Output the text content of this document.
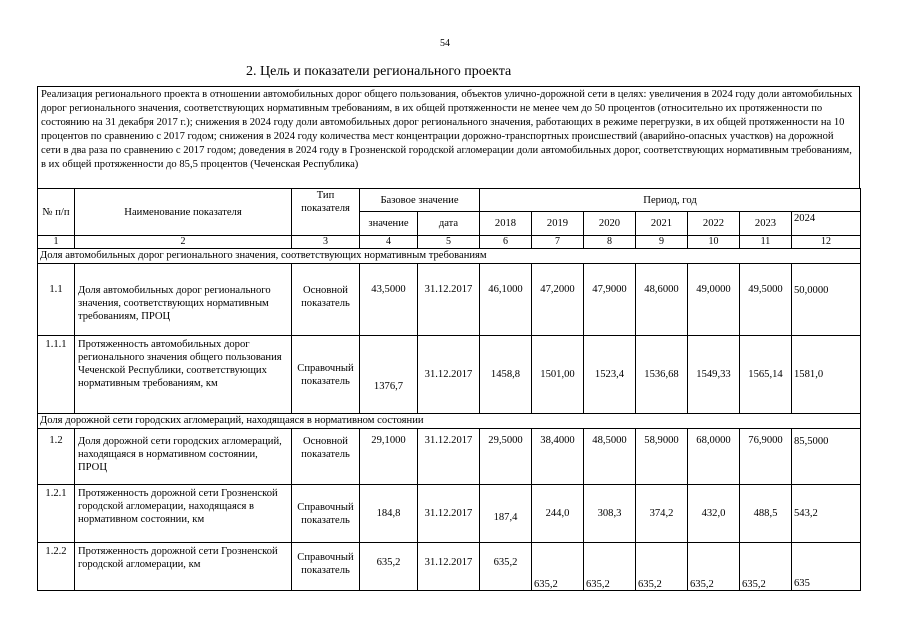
54
2. Цель и показатели регионального проекта
Реализация регионального проекта в отношении автомобильных дорог общего пользования, объектов улично-дорожной сети в целях: увеличения в 2024 году доли автомобильных дорог регионального значения, соответствующих нормативным требованиям, в их общей протяженности не менее чем до 50 процентов (относительно их протяженности по состоянию на 31 декабря 2017 г.); снижения в 2024 году доли автомобильных дорог регионального значения, работающих в режиме перегрузки, в их общей протяженности на 10 процентов по сравнению с 2017 годом; снижения в 2024 году количества мест концентрации дорожно-транспортных происшествий (аварийно-опасных участков) на дорожной сети в два раза по сравнению с 2017 годом; доведения в 2024 году в Грозненской городской агломерации доли автомобильных дорог, соответствующих нормативным требованиям, в их общей протяженности до 85,5 процентов (Чеченская Республика)
№ п/п	Наименование показателя	Тип показателя	Базовое значение		Период, год						
			значение	дата	2018	2019	2020	2021	2022	2023	2024
1	2	3	4	5	6	7	8	9	10	11	12
Доля автомобильных дорог регионального значения, соответствующих нормативным требованиям											
1.1	Доля автомобильных дорог регионального значения, соответствующих нормативным требованиям, ПРОЦ	Основной показатель	43,5000	31.12.2017	46,1000	47,2000	47,9000	48,6000	49,0000	49,5000	50,0000
1.1.1	Протяженность автомобильных дорог регионального значения общего пользования Чеченской Республики, соответствующих нормативным требованиям, км	Справочный показатель	1376,7	31.12.2017	1458,8	1501,00	1523,4	1536,68	1549,33	1565,14	1581,0
Доля дорожной сети городских агломераций, находящаяся в нормативном состоянии											
1.2	Доля дорожной сети городских агломераций, находящаяся в нормативном состоянии, ПРОЦ	Основной показатель	29,1000	31.12.2017	29,5000	38,4000	48,5000	58,9000	68,0000	76,9000	85,5000
1.2.1	Протяженность дорожной сети Грозненской городской агломерации, находящаяся в нормативном состоянии, км	Справочный показатель	184,8	31.12.2017	187,4	244,0	308,3	374,2	432,0	488,5	543,2
1.2.2	Протяженность дорожной сети Грозненской городской агломерации, км	Справочный показатель	635,2	31.12.2017	635,2	635,2	635,2	635,2	635,2	635,2	635
